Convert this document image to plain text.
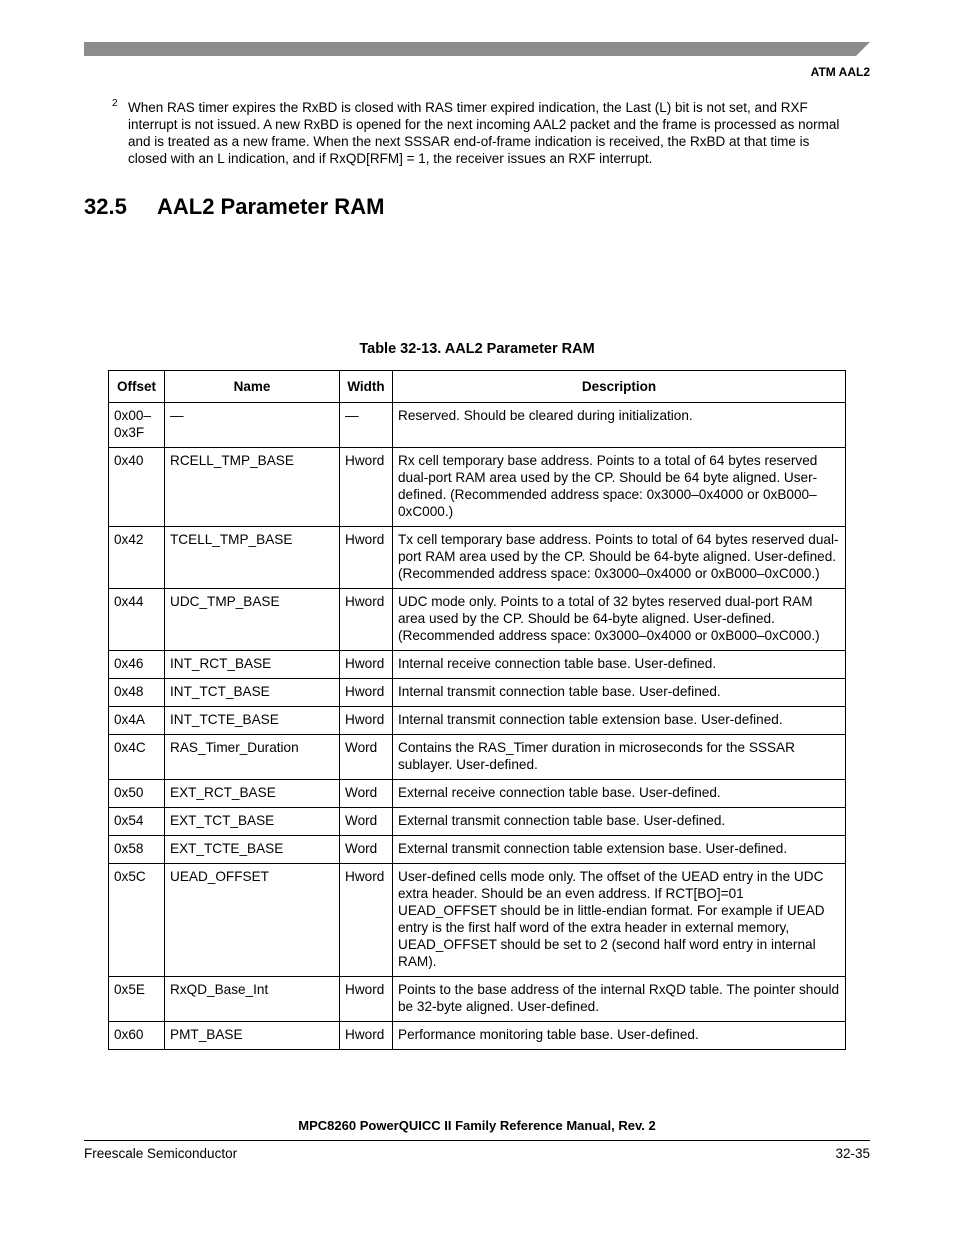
ATM AAL2
2 When RAS timer expires the RxBD is closed with RAS timer expired indication, the Last (L) bit is not set, and RXF interrupt is not issued. A new RxBD is opened for the next incoming AAL2 packet and the frame is processed as normal and is treated as a new frame. When the next SSSAR end-of-frame indication is received, the RxBD at that time is closed with an L indication, and if RxQD[RFM] = 1, the receiver issues an RXF interrupt.
32.5 AAL2 Parameter RAM
Table 32-13. AAL2 Parameter RAM
Offset	Name	Width	Description
0x00–
0x3F	—	—	Reserved. Should be cleared during initialization.
0x40	RCELL_TMP_BASE	Hword	Rx cell temporary base address. Points to a total of 64 bytes reserved dual-port RAM area used by the CP. Should be 64 byte aligned. User-defined. (Recommended address space: 0x3000–0x4000 or 0xB000–0xC000.)
0x42	TCELL_TMP_BASE	Hword	Tx cell temporary base address. Points to total of 64 bytes reserved dual-port RAM area used by the CP. Should be 64-byte aligned. User-defined.
(Recommended address space: 0x3000–0x4000 or 0xB000–0xC000.)
0x44	UDC_TMP_BASE	Hword	UDC mode only. Points to a total of 32 bytes reserved dual-port RAM area used by the CP. Should be 64-byte aligned. User-defined. (Recommended address space: 0x3000–0x4000 or 0xB000–0xC000.)
0x46	INT_RCT_BASE	Hword	Internal receive connection table base. User-defined.
0x48	INT_TCT_BASE	Hword	Internal transmit connection table base. User-defined.
0x4A	INT_TCTE_BASE	Hword	Internal transmit connection table extension base. User-defined.
0x4C	RAS_Timer_Duration	Word	Contains the RAS_Timer duration in microseconds for the SSSAR sublayer. User-defined.
0x50	EXT_RCT_BASE	Word	External receive connection table base. User-defined.
0x54	EXT_TCT_BASE	Word	External transmit connection table base. User-defined.
0x58	EXT_TCTE_BASE	Word	External transmit connection table extension base. User-defined.
0x5C	UEAD_OFFSET	Hword	User-defined cells mode only. The offset of the UEAD entry in the UDC extra header. Should be an even address. If RCT[BO]=01 UEAD_OFFSET should be in little-endian format. For example if UEAD entry is the first half word of the extra header in external memory, UEAD_OFFSET should be set to 2 (second half word entry in internal RAM).
0x5E	RxQD_Base_Int	Hword	Points to the base address of the internal RxQD table. The pointer should be 32-byte aligned. User-defined.
0x60	PMT_BASE	Hword	Performance monitoring table base. User-defined.
MPC8260 PowerQUICC II Family Reference Manual, Rev. 2
Freescale Semiconductor	32-35
